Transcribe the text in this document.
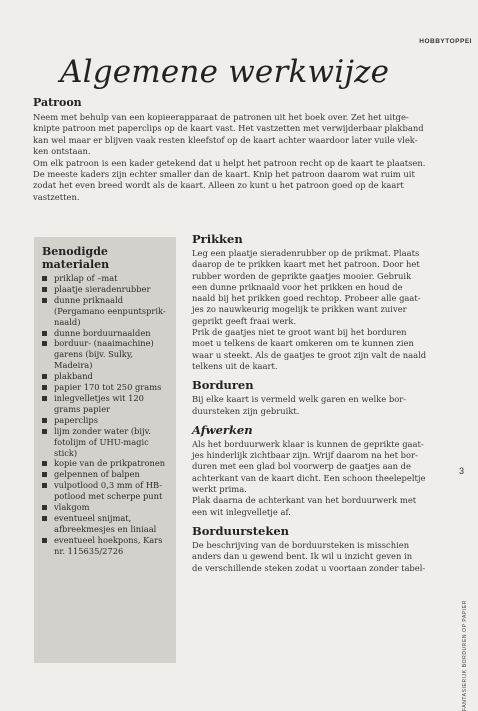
HOBBYTOPPEI
Algemene werkwijze
Patroon

Neem met behulp van een kopieerapparaat de patronen uit het boek over. Zet het uitge-
knipte patroon met paperclips op de kaart vast. Het vastzetten met verwijderbaar plakband
kan wel maar er blijven vaak resten kleefstof op de kaart achter waardoor later vuile vlek-
ken ontstaan.
Om elk patroon is een kader getekend dat u helpt het patroon recht op de kaart te plaatsen.
De meeste kaders zijn echter smaller dan de kaart. Knip het patroon daarom wat ruim uit
zodat het even breed wordt als de kaart. Alleen zo kunt u het patroon goed op de kaart
vastzetten.

Benodigde materialen
priklap of –mat
plaatje sieradenrubber
dunne priknaald (Pergamano eenpuntsprik-naald)
dunne borduurnaalden
borduur- (naaimachine) garens (bijv. Sulky, Madeira)
plakband
papier 170 tot 250 grams
inlegvelletjes wit 120 grams papier
paperclips
lijm zonder water (bijv. fotolijm of UHU-magic stick)
kopie van de prikpatronen
gelpennen of balpen
vulpotlood 0,3 mm of HB-potlood met scherpe punt
vlakgom
eventueel snijmat, afbreekmesjes en liniaal
eventueel hoekpons, Kars nr. 115635/2726
Prikken

Leg een plaatje sieradenrubber op de prikmat. Plaats
daarop de te prikken kaart met het patroon. Door het
rubber worden de geprikte gaatjes mooier. Gebruik
een dunne priknaald voor het prikken en houd de
naald bij het prikken goed rechtop. Probeer alle gaat-
jes zo nauwkeurig mogelijk te prikken want zuiver
geprikt geeft fraai werk.
Prik de gaatjes niet te groot want bij het borduren
moet u telkens de kaart omkeren om te kunnen zien
waar u steekt. Als de gaatjes te groot zijn valt de naald
telkens uit de kaart.

Borduren

Bij elke kaart is vermeld welk garen en welke bor-
duursteken zijn gebruikt.

Afwerken

Als het borduurwerk klaar is kunnen de geprikte gaat-
jes hinderlijk zichtbaar zijn. Wrijf daarom na het bor-
duren met een glad bol voorwerp de gaatjes aan de
achterkant van de kaart dicht. Een schoon theelepeltje
werkt prima.
Plak daarna de achterkant van het borduurwerk met
een wit inlegvelletje af.

Borduursteken

De beschrijving van de borduursteken is misschien
anders dan u gewend bent. Ik wil u inzicht geven in
de verschillende steken zodat u voortaan zonder tabel-

3
FANTASIERIJK BORDUREN OP PAPIER
